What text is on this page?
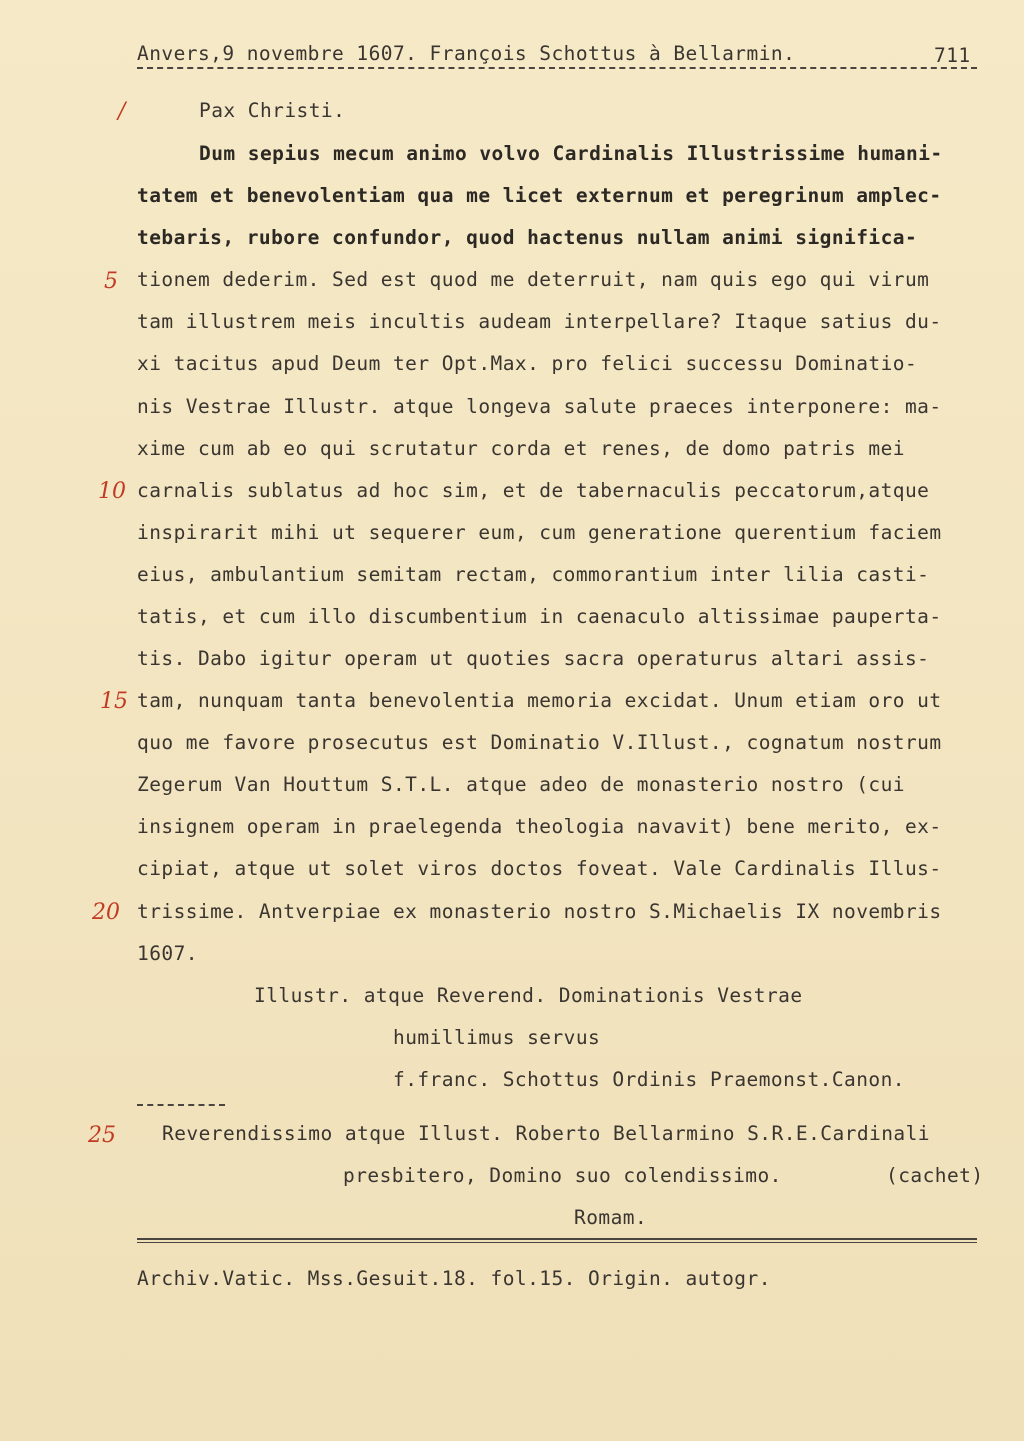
Anvers,9 novembre 1607. François Schottus à Bellarmin.	711
/
5
10
15
20
25
Pax Christi.
Dum sepius mecum animo volvo Cardinalis Illustrissime humani-
tatem et benevolentiam qua me licet externum et peregrinum amplec-
tebaris, rubore confundor, quod hactenus nullam animi significa-
tionem dederim. Sed est quod me deterruit, nam quis ego qui virum
tam illustrem meis incultis audeam interpellare? Itaque satius du-
xi tacitus apud Deum ter Opt.Max. pro felici successu Dominatio-
nis Vestrae Illustr. atque longeva salute praeces interponere: ma-
xime cum ab eo qui scrutatur corda et renes, de domo patris mei
carnalis sublatus ad hoc sim, et de tabernaculis peccatorum,atque
inspirarit mihi ut sequerer eum, cum generatione querentium faciem
eius, ambulantium semitam rectam, commorantium inter lilia casti-
tatis, et cum illo discumbentium in caenaculo altissimae pauperta-
tis. Dabo igitur operam ut quoties sacra operaturus altari assis-
tam, nunquam tanta benevolentia memoria excidat. Unum etiam oro ut
quo me favore prosecutus est Dominatio V.Illust., cognatum nostrum
Zegerum Van Houttum S.T.L. atque adeo de monasterio nostro (cui
insignem operam in praelegenda theologia navavit) bene merito, ex-
cipiat, atque ut solet viros doctos foveat. Vale Cardinalis Illus-
trissime. Antverpiae ex monasterio nostro S.Michaelis IX novembris
1607.
Illustr. atque Reverend. Dominationis Vestrae
humillimus servus
f.franc. Schottus Ordinis Praemonst.Canon.
Reverendissimo atque Illust. Roberto Bellarmino S.R.E.Cardinali
presbitero, Domino suo colendissimo.	(cachet)
Romam.
Archiv.Vatic. Mss.Gesuit.18. fol.15. Origin. autogr.
